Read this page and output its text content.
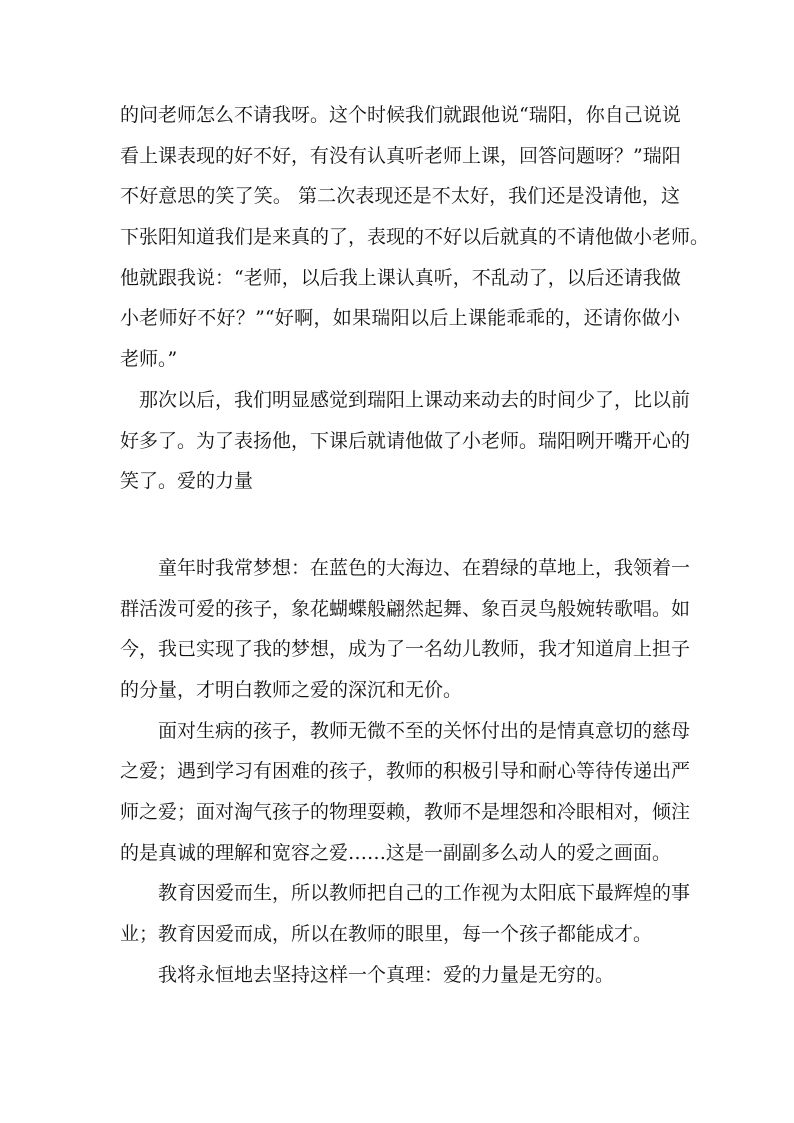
的问老师怎么不请我呀。这个时候我们就跟他说“瑞阳，你自己说说
看上课表现的好不好，有没有认真听老师上课，回答问题呀？”瑞阳
不好意思的笑了笑。 第二次表现还是不太好，我们还是没请他，这
下张阳知道我们是来真的了，表现的不好以后就真的不请他做小老师。
他就跟我说：“老师，以后我上课认真听，不乱动了，以后还请我做
小老师好不好？”“好啊，如果瑞阳以后上课能乖乖的，还请你做小
老师。”
那次以后，我们明显感觉到瑞阳上课动来动去的时间少了，比以前
好多了。为了表扬他，下课后就请他做了小老师。瑞阳咧开嘴开心的
笑了。爱的力量
童年时我常梦想：在蓝色的大海边、在碧绿的草地上，我领着一
群活泼可爱的孩子，象花蝴蝶般翩然起舞、象百灵鸟般婉转歌唱。如
今，我已实现了我的梦想，成为了一名幼儿教师，我才知道肩上担子
的分量，才明白教师之爱的深沉和无价。
面对生病的孩子，教师无微不至的关怀付出的是情真意切的慈母
之爱；遇到学习有困难的孩子，教师的积极引导和耐心等待传递出严
师之爱；面对淘气孩子的物理耍赖，教师不是埋怨和冷眼相对，倾注
的是真诚的理解和宽容之爱……这是一副副多么动人的爱之画面。
教育因爱而生，所以教师把自己的工作视为太阳底下最辉煌的事
业；教育因爱而成，所以在教师的眼里，每一个孩子都能成才。
我将永恒地去坚持这样一个真理：爱的力量是无穷的。
